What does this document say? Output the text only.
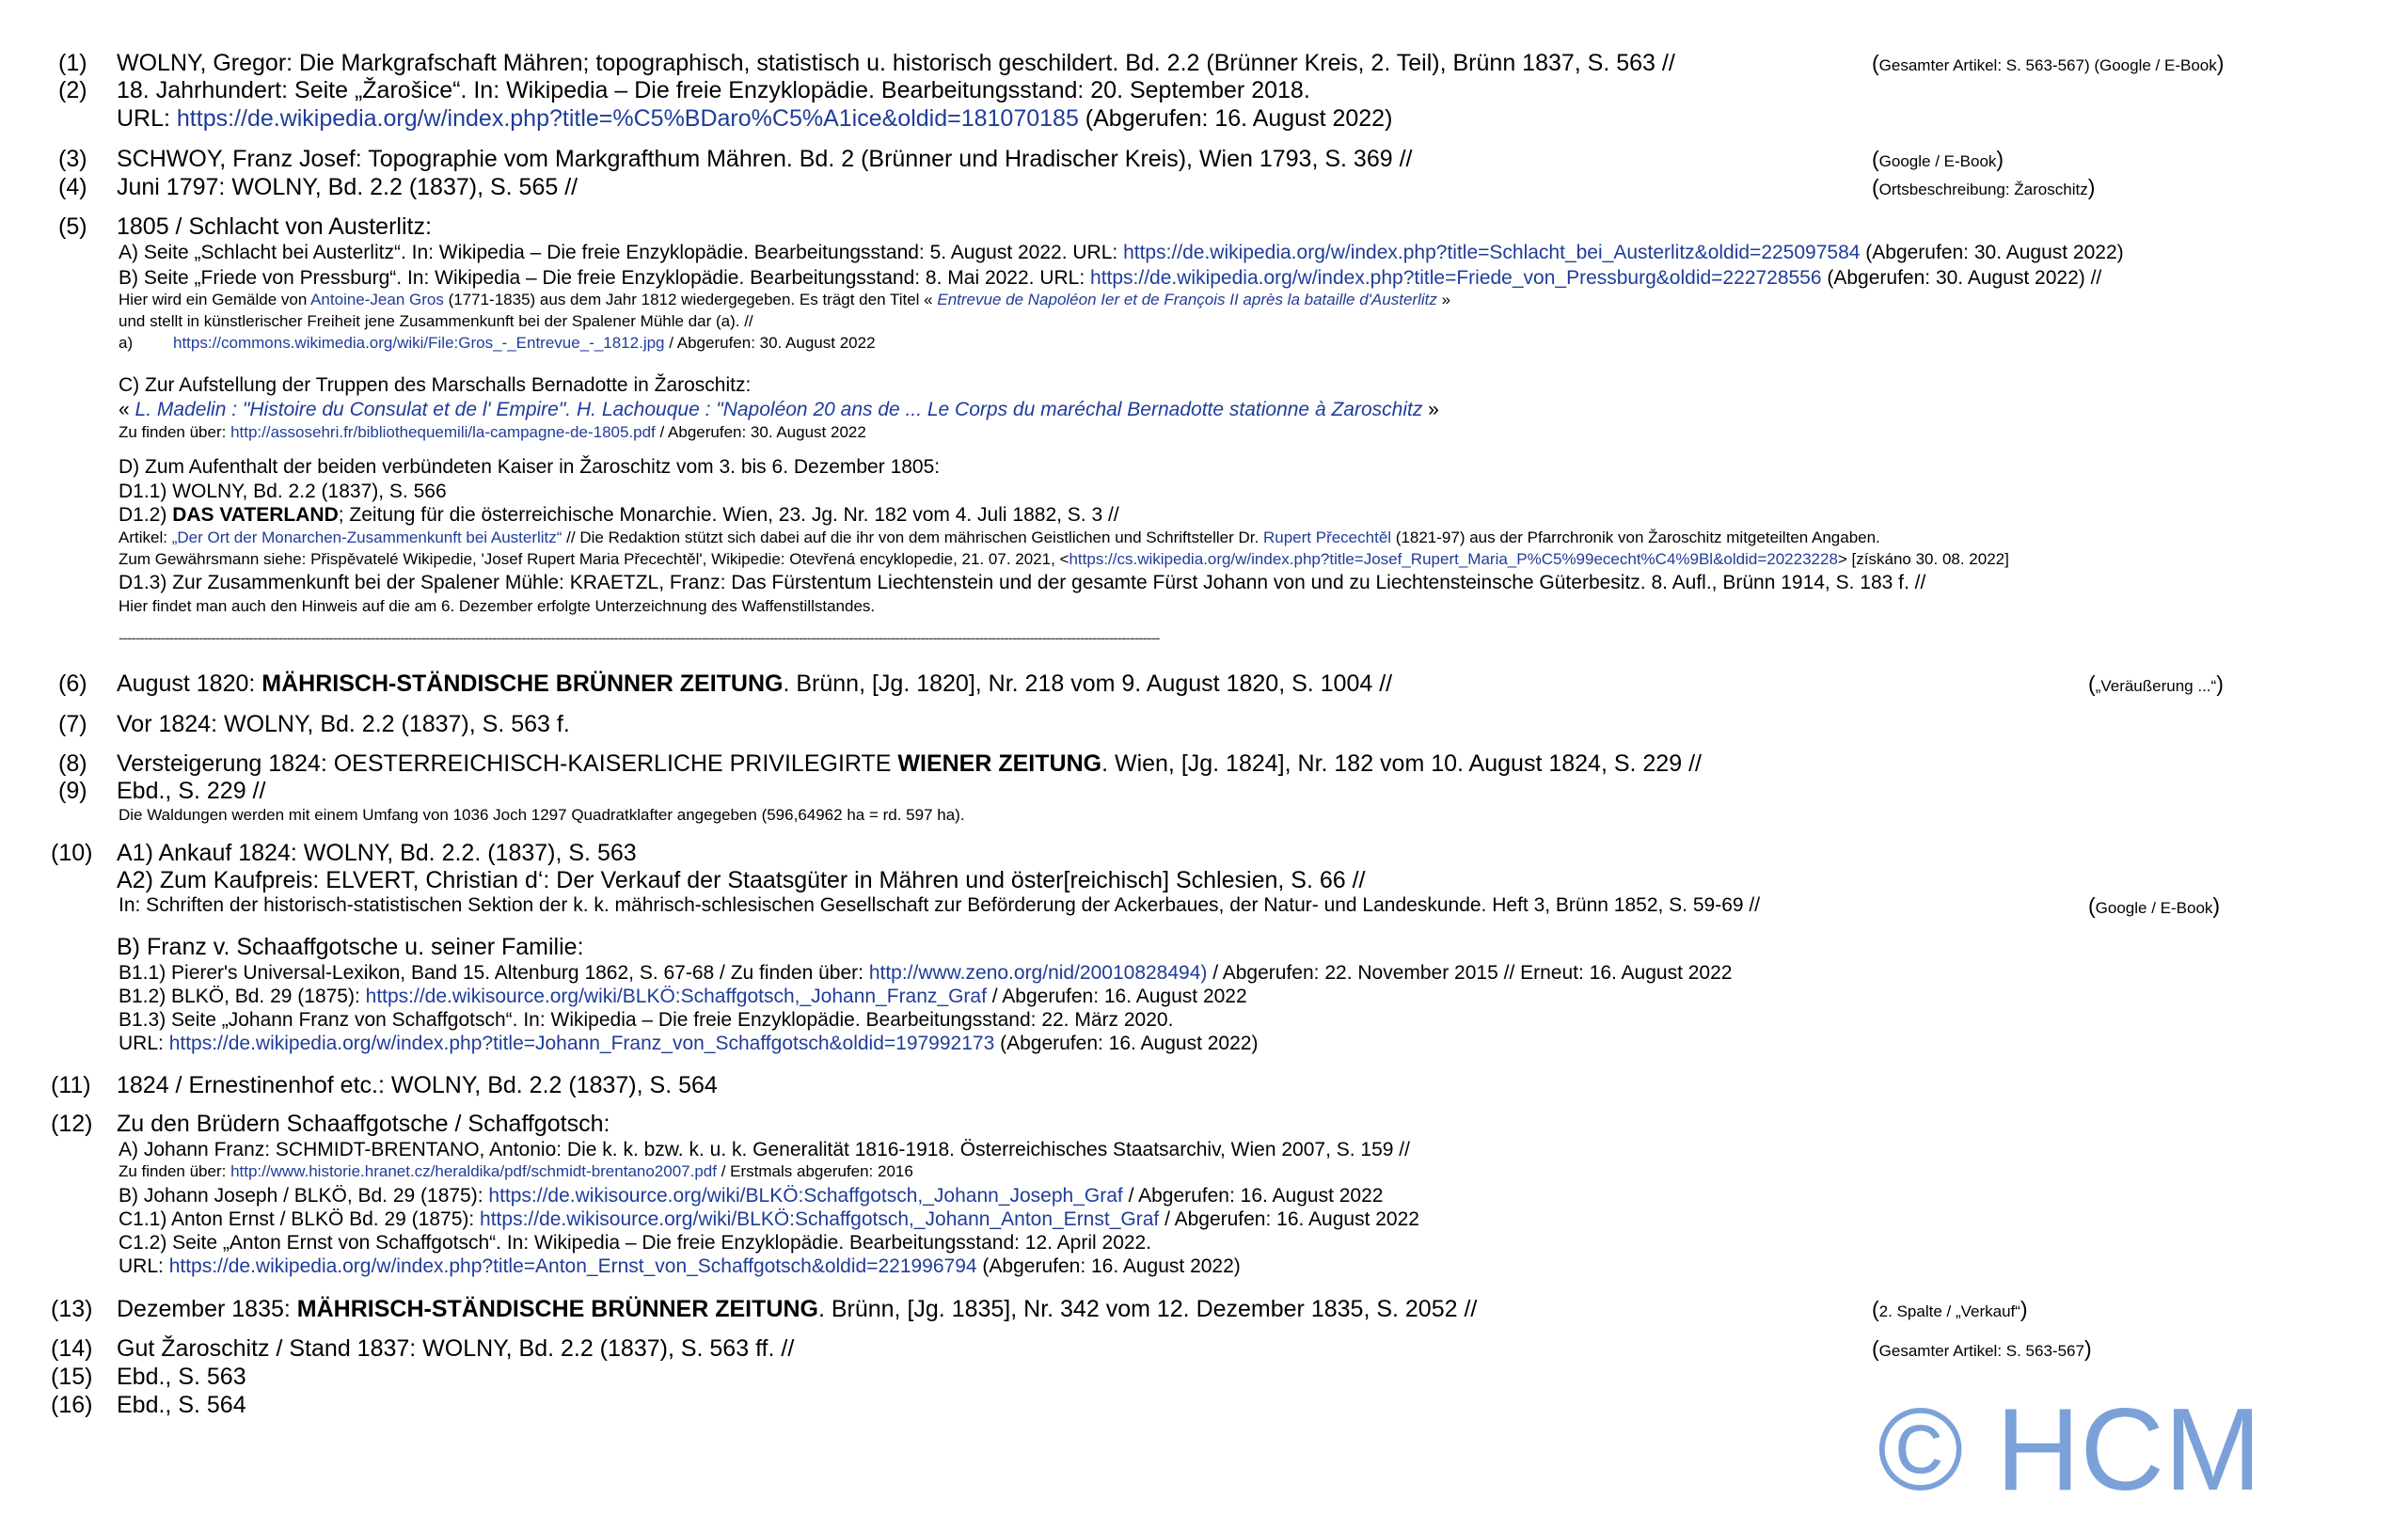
(1) WOLNY, Gregor: Die Markgrafschaft Mähren; topographisch, statistisch u. historisch geschildert. Bd. 2.2 (Brünner Kreis, 2. Teil), Brünn 1837, S. 563 //	(Gesamter Artikel: S. 563-567) (Google / E-Book)
(2) 18. Jahrhundert: Seite „Žarošice“. In: Wikipedia – Die freie Enzyklopädie. Bearbeitungsstand: 20. September 2018.
URL: https://de.wikipedia.org/w/index.php?title=%C5%BDaro%C5%A1ice&oldid=181070185 (Abgerufen: 16. August 2022)
(3) SCHWOY, Franz Josef: Topographie vom Markgrafthum Mähren. Bd. 2 (Brünner und Hradischer Kreis), Wien 1793, S. 369 //	(Google / E-Book)
(4) Juni 1797: WOLNY, Bd. 2.2 (1837), S. 565 //	(Ortsbeschreibung: Žaroschitz)
(5) 1805 / Schlacht von Austerlitz:
A) Seite „Schlacht bei Austerlitz“. In: Wikipedia – Die freie Enzyklopädie. Bearbeitungsstand: 5. August 2022. URL: https://de.wikipedia.org/w/index.php?title=Schlacht_bei_Austerlitz&oldid=225097584 (Abgerufen: 30. August 2022)
B) Seite „Friede von Pressburg“. In: Wikipedia – Die freie Enzyklopädie. Bearbeitungsstand: 8. Mai 2022. URL: https://de.wikipedia.org/w/index.php?title=Friede_von_Pressburg&oldid=222728556 (Abgerufen: 30. August 2022) //
Hier wird ein Gemälde von Antoine-Jean Gros (1771-1835) aus dem Jahr 1812 wiedergegeben. Es trägt den Titel « Entrevue de Napoléon Ier et de François II après la bataille d'Austerlitz »
und stellt in künstlerischer Freiheit jene Zusammenkunft bei der Spalener Mühle dar (a). //
a)	https://commons.wikimedia.org/wiki/File:Gros_-_Entrevue_-_1812.jpg / Abgerufen: 30. August 2022
C) Zur Aufstellung der Truppen des Marschalls Bernadotte in Žaroschitz:
« L. Madelin : "Histoire du Consulat et de l' Empire". H. Lachouque : "Napoléon 20 ans de ... Le Corps du maréchal Bernadotte stationne à Zaroschitz »
Zu finden über: http://assosehri.fr/bibliothequemili/la-campagne-de-1805.pdf / Abgerufen: 30. August 2022
D) Zum Aufenthalt der beiden verbündeten Kaiser in Žaroschitz vom 3. bis 6. Dezember 1805:
D1.1) WOLNY, Bd. 2.2 (1837), S. 566
D1.2) DAS VATERLAND; Zeitung für die österreichische Monarchie. Wien, 23. Jg. Nr. 182 vom 4. Juli 1882, S. 3 //
Artikel: „Der Ort der Monarchen-Zusammenkunft bei Austerlitz“ // Die Redaktion stützt sich dabei auf die ihr von dem mährischen Geistlichen und Schriftsteller Dr. Rupert Přecechtěl (1821-97) aus der Pfarrchronik von Žaroschitz mitgeteilten Angaben.
Zum Gewährsmann siehe: Přispěvatelé Wikipedie, 'Josef Rupert Maria Přecechtěl', Wikipedie: Otevřená encyklopedie, 21. 07. 2021, <https://cs.wikipedia.org/w/index.php?title=Josef_Rupert_Maria_P%C5%99ececht%C4%9Bl&oldid=20223228> [získáno 30. 08. 2022]
D1.3) Zur Zusammenkunft bei der Spalener Mühle: KRAETZL, Franz: Das Fürstentum Liechtenstein und der gesamte Fürst Johann von und zu Liechtensteinsche Güterbesitz. 8. Aufl., Brünn 1914, S. 183 f. //
Hier findet man auch den Hinweis auf die am 6. Dezember erfolgte Unterzeichnung des Waffenstillstandes.
--------------------------------------------------------------------------------------------------------------------------------------------------------------------------------------------------------------------------------------------------------
(6) August 1820: MÄHRISCH-STÄNDISCHE BRÜNNER ZEITUNG. Brünn, [Jg. 1820], Nr. 218 vom 9. August 1820, S. 1004 //	(„Veräußerung ...“)
(7) Vor 1824: WOLNY, Bd. 2.2 (1837), S. 563 f.
(8) Versteigerung 1824: OESTERREICHISCH-KAISERLICHE PRIVILEGIRTE WIENER ZEITUNG. Wien, [Jg. 1824], Nr. 182 vom 10. August 1824, S. 229 //
(9) Ebd., S. 229 //
Die Waldungen werden mit einem Umfang von 1036 Joch 1297 Quadratklafter angegeben (596,64962 ha = rd. 597 ha).
(10) A1) Ankauf 1824: WOLNY, Bd. 2.2. (1837), S. 563
A2) Zum Kaufpreis: ELVERT, Christian d‘: Der Verkauf der Staatsgüter in Mähren und öster[reichisch] Schlesien, S. 66 //
In: Schriften der historisch-statistischen Sektion der k. k. mährisch-schlesischen Gesellschaft zur Beförderung der Ackerbaues, der Natur- und Landeskunde. Heft 3, Brünn 1852, S. 59-69 //	(Google / E-Book)
B) Franz v. Schaaffgotsche u. seiner Familie:
B1.1) Pierer's Universal-Lexikon, Band 15. Altenburg 1862, S. 67-68 / Zu finden über: http://www.zeno.org/nid/20010828494) / Abgerufen: 22. November 2015 // Erneut: 16. August 2022
B1.2) BLKÖ, Bd. 29 (1875): https://de.wikisource.org/wiki/BLKÖ:Schaffgotsch,_Johann_Franz_Graf / Abgerufen: 16. August 2022
B1.3) Seite „Johann Franz von Schaffgotsch“. In: Wikipedia – Die freie Enzyklopädie. Bearbeitungsstand: 22. März 2020.
URL: https://de.wikipedia.org/w/index.php?title=Johann_Franz_von_Schaffgotsch&oldid=197992173 (Abgerufen: 16. August 2022)
(11) 1824 / Ernestinenhof etc.: WOLNY, Bd. 2.2 (1837), S. 564
(12) Zu den Brüdern Schaaffgotsche / Schaffgotsch:
A) Johann Franz: SCHMIDT-BRENTANO, Antonio: Die k. k. bzw. k. u. k. Generalität 1816-1918. Österreichisches Staatsarchiv, Wien 2007, S. 159 //
Zu finden über: http://www.historie.hranet.cz/heraldika/pdf/schmidt-brentano2007.pdf / Erstmals abgerufen: 2016
B) Johann Joseph / BLKÖ, Bd. 29 (1875): https://de.wikisource.org/wiki/BLKÖ:Schaffgotsch,_Johann_Joseph_Graf / Abgerufen: 16. August 2022
C1.1) Anton Ernst / BLKÖ Bd. 29 (1875): https://de.wikisource.org/wiki/BLKÖ:Schaffgotsch,_Johann_Anton_Ernst_Graf / Abgerufen: 16. August 2022
C1.2) Seite „Anton Ernst von Schaffgotsch“. In: Wikipedia – Die freie Enzyklopädie. Bearbeitungsstand: 12. April 2022.
URL: https://de.wikipedia.org/w/index.php?title=Anton_Ernst_von_Schaffgotsch&oldid=221996794 (Abgerufen: 16. August 2022)
(13) Dezember 1835: MÄHRISCH-STÄNDISCHE BRÜNNER ZEITUNG. Brünn, [Jg. 1835], Nr. 342 vom 12. Dezember 1835, S. 2052 //	(2. Spalte / „Verkauf“)
(14) Gut Žaroschitz / Stand 1837: WOLNY, Bd. 2.2 (1837), S. 563 ff. //	(Gesamter Artikel: S. 563-567)
(15) Ebd., S. 563
(16) Ebd., S. 564	© HCM
